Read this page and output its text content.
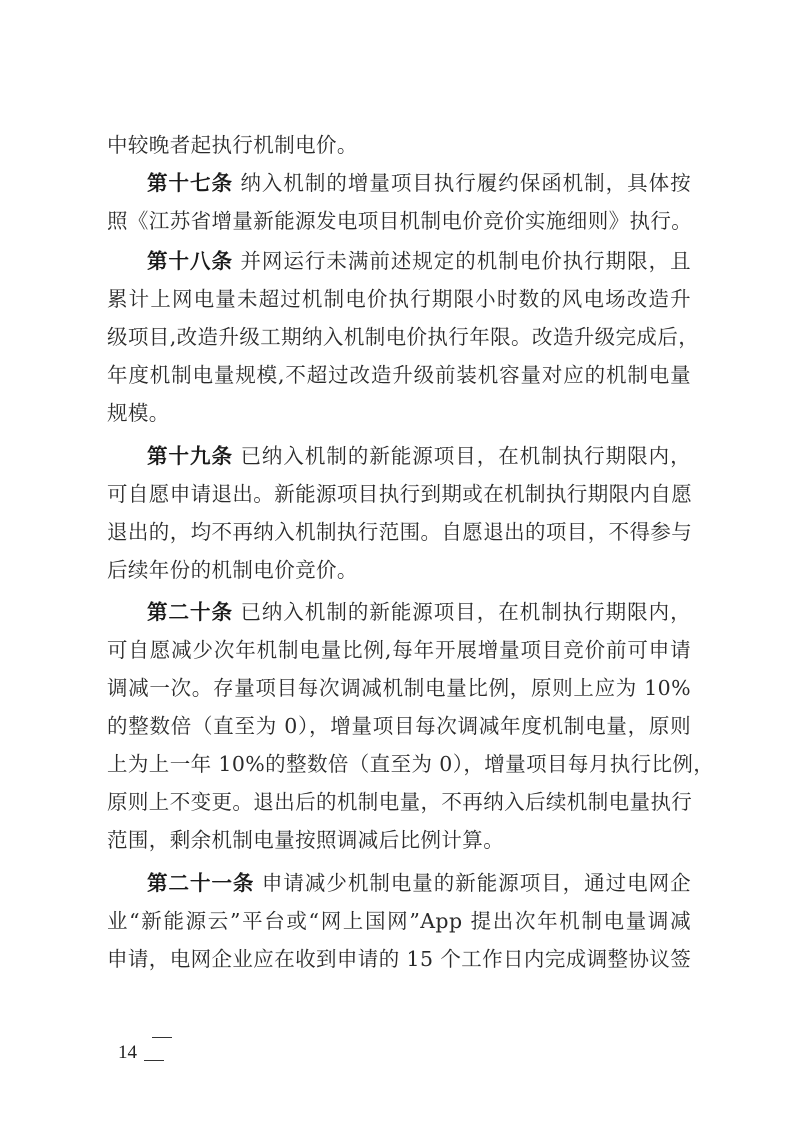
中较晚者起执行机制电价。
第十七条 纳入机制的增量项目执行履约保函机制，具体按
照《江苏省增量新能源发电项目机制电价竞价实施细则》执行。
第十八条 并网运行未满前述规定的机制电价执行期限，且
累计上网电量未超过机制电价执行期限小时数的风电场改造升
级项目,改造升级工期纳入机制电价执行年限。改造升级完成后，
年度机制电量规模,不超过改造升级前装机容量对应的机制电量
规模。
第十九条 已纳入机制的新能源项目，在机制执行期限内，
可自愿申请退出。新能源项目执行到期或在机制执行期限内自愿
退出的，均不再纳入机制执行范围。自愿退出的项目，不得参与
后续年份的机制电价竞价。
第二十条 已纳入机制的新能源项目，在机制执行期限内，
可自愿减少次年机制电量比例,每年开展增量项目竞价前可申请
调减一次。存量项目每次调减机制电量比例，原则上应为 10%
的整数倍（直至为 0），增量项目每次调减年度机制电量，原则
上为上一年 10%的整数倍（直至为 0），增量项目每月执行比例，
原则上不变更。退出后的机制电量，不再纳入后续机制电量执行
范围，剩余机制电量按照调减后比例计算。
第二十一条 申请减少机制电量的新能源项目，通过电网企
业“新能源云”平台或“网上国网”App 提出次年机制电量调减
申请，电网企业应在收到申请的 15 个工作日内完成调整协议签
14
